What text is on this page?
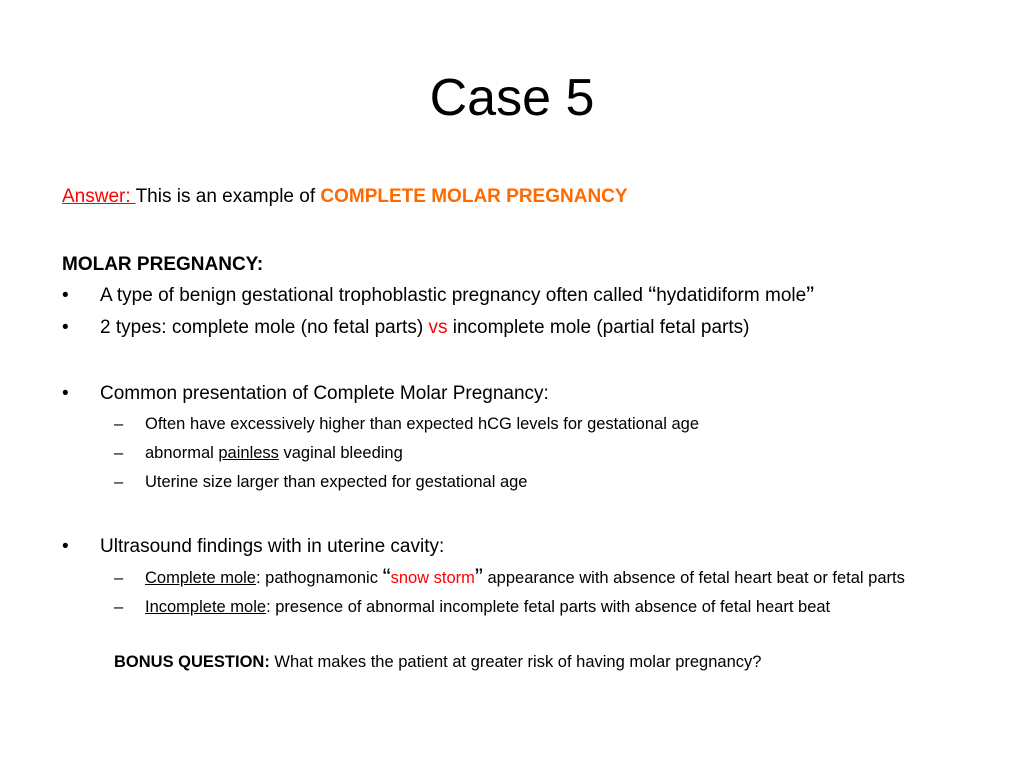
Case 5
Answer: This is an example of COMPLETE MOLAR PREGNANCY
MOLAR PREGNANCY:
• A type of benign gestational trophoblastic pregnancy often called “hydatidiform mole”
• 2 types: complete mole (no fetal parts) vs incomplete mole (partial fetal parts)
• Common presentation of Complete Molar Pregnancy:
– Often have excessively higher than expected hCG levels for gestational age
– abnormal painless vaginal bleeding
– Uterine size larger than expected for gestational age
• Ultrasound findings with in uterine cavity:
– Complete mole: pathognamonic “snow storm” appearance with absence of fetal heart beat or fetal parts
– Incomplete mole: presence of abnormal incomplete fetal parts with absence of fetal heart beat
BONUS QUESTION: What makes the patient at greater risk of having molar pregnancy?
